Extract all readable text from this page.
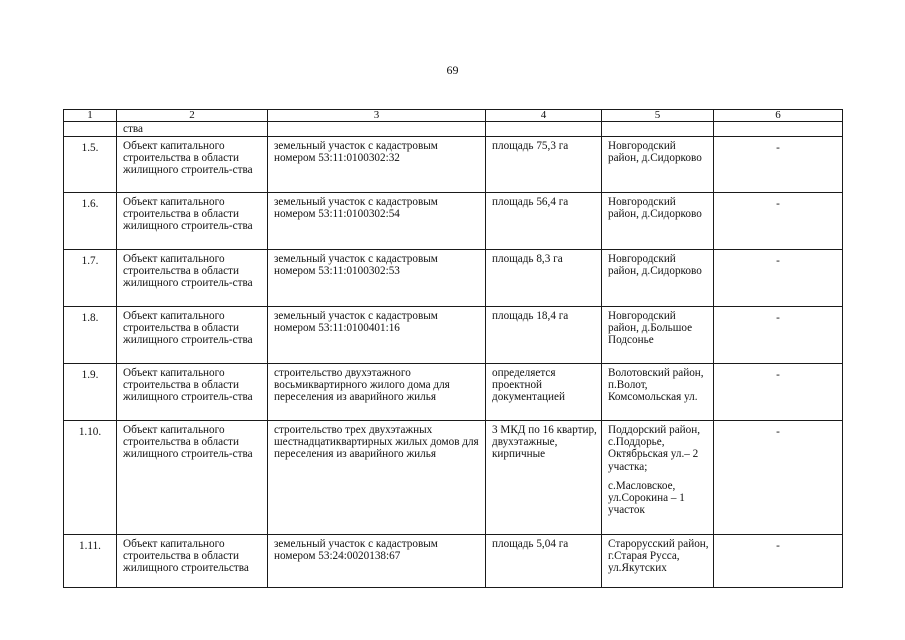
69
1	2	3	4	5	6

	ства				

1.5.	Объект капитального строительства в области жилищного строитель-ства	земельный участок с кадастровым номером 53:11:0100302:32	площадь 75,3 га	Новгородский район, д.Сидорково	-

1.6.	Объект капитального строительства в области жилищного строитель-ства	земельный участок с кадастровым номером 53:11:0100302:54	площадь 56,4 га	Новгородский район, д.Сидорково	-

1.7.	Объект капитального строительства в области жилищного строитель-ства	земельный участок с кадастровым номером 53:11:0100302:53	площадь 8,3 га	Новгородский район, д.Сидорково	-

1.8.	Объект капитального строительства в области жилищного строитель-ства	земельный участок с кадастровым номером 53:11:0100401:16	площадь 18,4 га	Новгородский район, д.Большое Подсонье	-

1.9.	Объект капитального строительства в области жилищного строитель-ства	строительство двухэтажного восьмиквартирного жилого дома для переселения из аварийного жилья	определяется проектной документацией	Волотовский район, п.Волот, Комсомольская ул.	-

1.10.	Объект капитального строительства в области жилищного строитель-ства	строительство трех двухэтажных шестнадцатиквартирных жилых домов для переселения из аварийного жилья	3 МКД по 16 квартир, двухэтажные, кирпичные	Поддорский район, с.Поддорье, Октябрьская ул.– 2 участка;
с.Масловское, ул.Сорокина – 1 участок	-

1.11.	Объект капитального строительства в области жилищного строительства	земельный участок с кадастровым номером 53:24:0020138:67	площадь 5,04 га	Старорусский район, г.Старая Русса, ул.Якутских	-
